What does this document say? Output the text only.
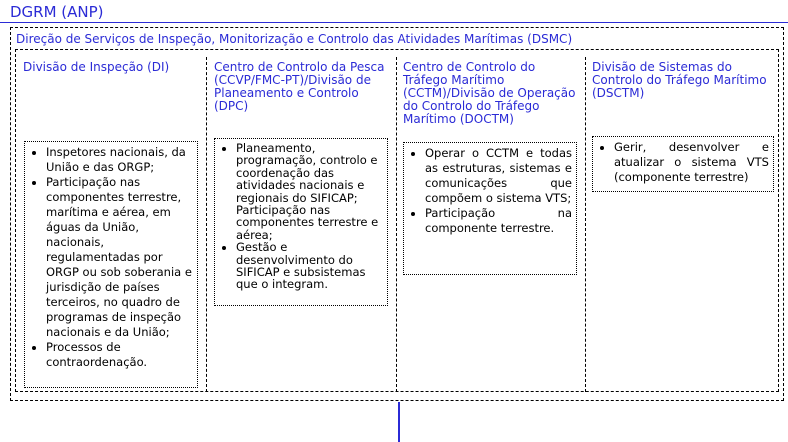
DGRM (ANP)
Direção de Serviços de Inspeção, Monitorização e Controlo das Atividades Marítimas (DSMC)
Divisão de Inspeção (DI)
• Inspetores nacionais, da União e das ORGP;
• Participação nas componentes terrestre, marítima e aérea, em águas da União, nacionais, regulamentadas por ORGP ou sob soberania e jurisdição de países terceiros, no quadro de programas de inspeção nacionais e da União;
• Processos de contraordenação.
Centro de Controlo da Pesca (CCVP/FMC-PT)/Divisão de Planeamento e Controlo (DPC)
• Planeamento, programação, controlo e coordenação das atividades nacionais e regionais do SIFICAP; Participação nas componentes terrestre e aérea;
• Gestão e desenvolvimento do SIFICAP e subsistemas que o integram.
Centro de Controlo do Tráfego Marítimo (CCTM)/Divisão de Operação do Controlo do Tráfego Marítimo (DOCTM)
• Operar o CCTM e todas as estruturas, sistemas e comunicações que compõem o sistema VTS;
• Participação na componente terrestre.
Divisão de Sistemas do Controlo do Tráfego Marítimo (DSCTM)
• Gerir, desenvolver e atualizar o sistema VTS (componente terrestre)
